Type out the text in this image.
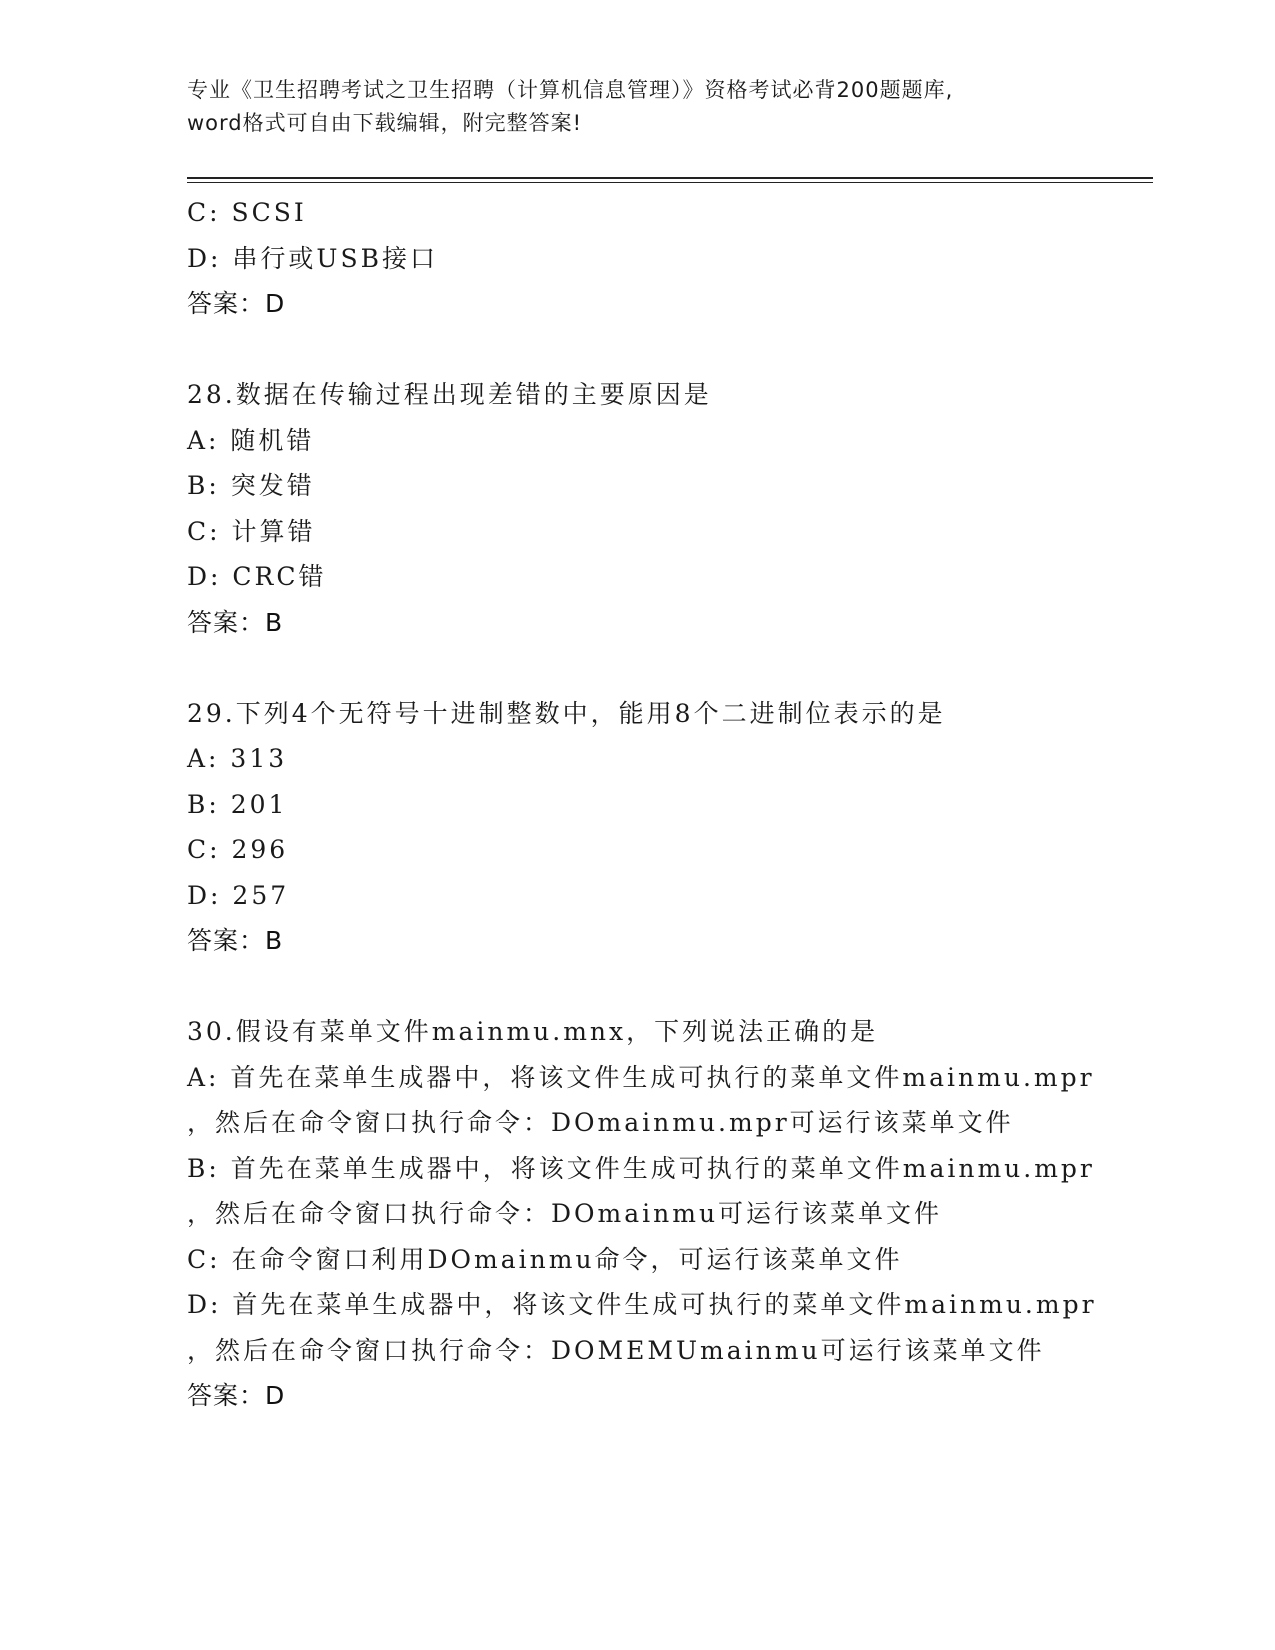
专业《卫生招聘考试之卫生招聘（计算机信息管理）》资格考试必背200题题库,
word格式可自由下载编辑，附完整答案!
C: SCSI
D: 串行或USB接口
答案：D
28.数据在传输过程出现差错的主要原因是
A: 随机错
B: 突发错
C: 计算错
D: CRC错
答案：B
29.下列4个无符号十进制整数中，能用8个二进制位表示的是
A: 313
B: 201
C: 296
D: 257
答案：B
30.假设有菜单文件mainmu.mnx，下列说法正确的是
A: 首先在菜单生成器中，将该文件生成可执行的菜单文件mainmu.mpr
，然后在命令窗口执行命令：DOmainmu.mpr可运行该菜单文件
B: 首先在菜单生成器中，将该文件生成可执行的菜单文件mainmu.mpr
，然后在命令窗口执行命令：DOmainmu可运行该菜单文件
C: 在命令窗口利用DOmainmu命令，可运行该菜单文件
D: 首先在菜单生成器中，将该文件生成可执行的菜单文件mainmu.mpr
，然后在命令窗口执行命令：DOMEMUmainmu可运行该菜单文件
答案：D
